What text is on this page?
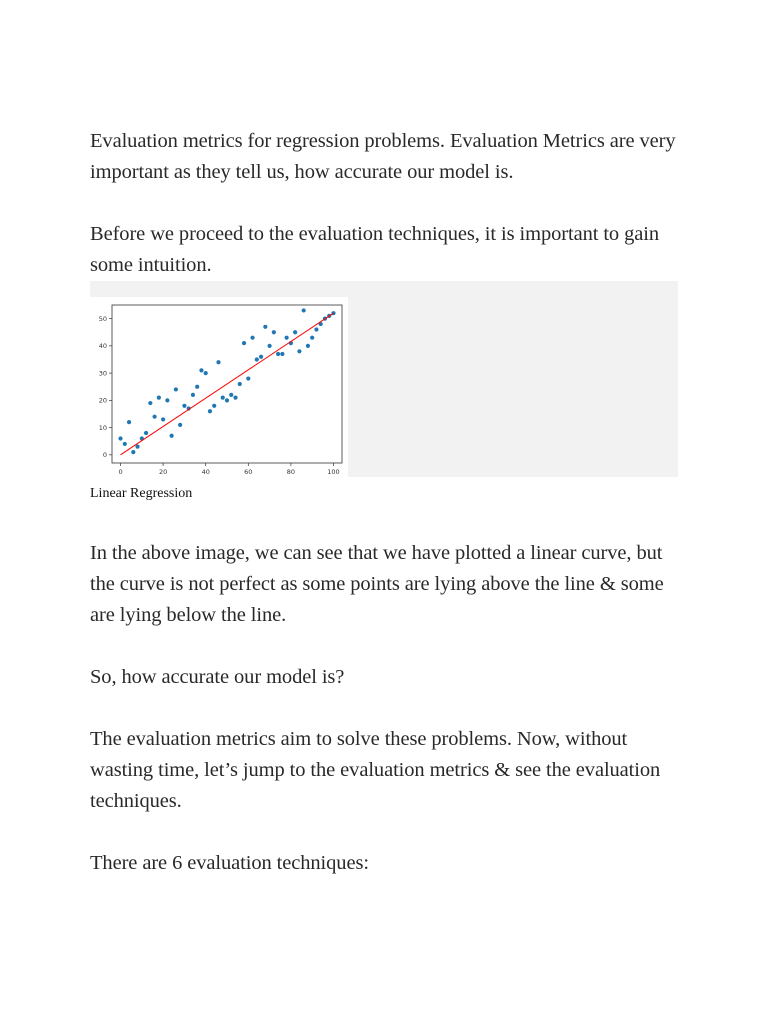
Evaluation metrics for regression problems. Evaluation Metrics are very important as they tell us, how accurate our model is.

Before we proceed to the evaluation techniques, it is important to gain some intuition.

0	20	40	60	80	100
0
10
20
30
40
50
Linear Regression

In the above image, we can see that we have plotted a linear curve, but the curve is not perfect as some points are lying above the line & some are lying below the line.

So, how accurate our model is?

The evaluation metrics aim to solve these problems. Now, without wasting time, let’s jump to the evaluation metrics & see the evaluation techniques.

There are 6 evaluation techniques:
